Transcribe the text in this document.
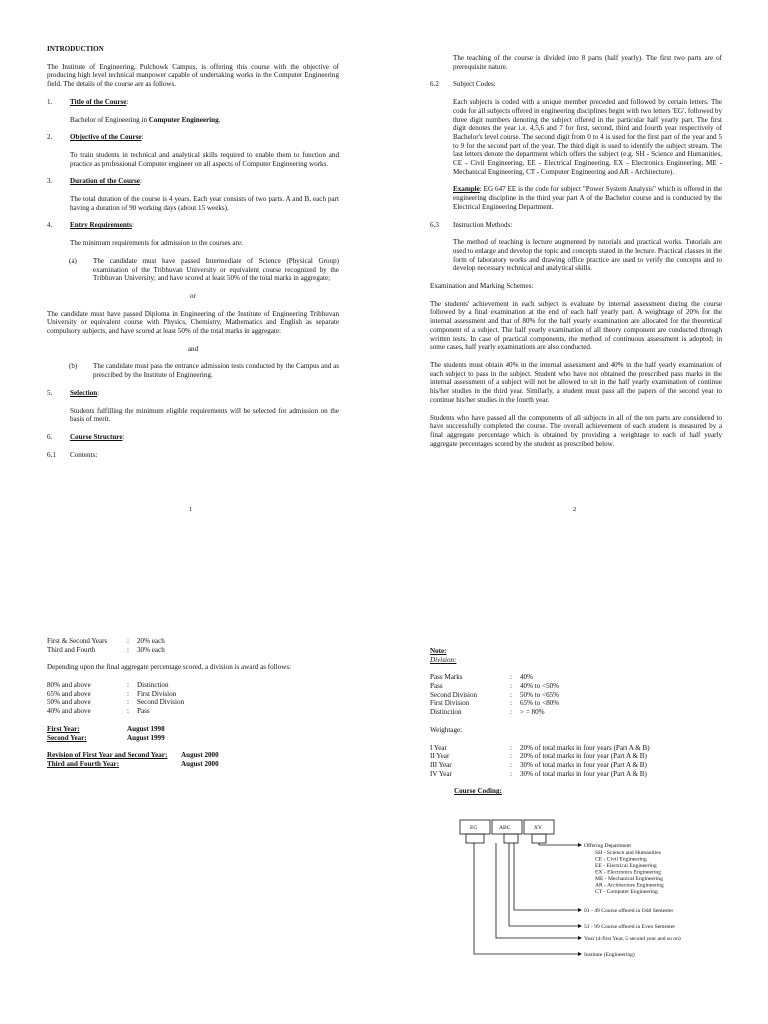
INTRODUCTION

The Institute of Engineering, Pulchowk Campus, is offering this course with the objective of producing high level technical manpower capable of undertaking works in the Computer Engineering field. The details of the course are as follows.

1. Title of the Course:

Bachelor of Engineering in Computer Engineering.

2. Objective of the Course:

To train students in technical and analytical skills required to enable them to function and practice as professional Computer engineer on all aspects of Computer Engineering works.

3. Duration of the Course:

The total duration of the course is 4 years. Each year consists of two parts. A and B, each part having a duration of 90 working days (about 15 weeks).

4. Entry Requirements:

The minimum requirements for admission to the courses are:

(a) The candidate must have passed Intermediate of Science (Physical Group) examination of the Tribhuvan University or equivalent course recognized by the Tribhuvan University; and have scored at least 50% of the total marks in aggregate;
or

The candidate must have passed Diploma in Engineering of the Institute of Engineering Tribhuvan University or equivalent course with Physics, Chemistry, Mathematics and English as separate compulsory subjects, and have scored at least 50% of the total marks in aggregate:

and
(b) The candidate must pass the entrance admission tests conducted by the Campus and as prescribed by the Institute of Engineering.
5. Selection:

Students fulfilling the minimum eligible requirements will be selected for admission on the basis of merit.

6. Course Structure:
6.1 Contents:
1

The teaching of the course is divided into 8 parts (half yearly). The first two parts are of prerequisite nature.

6.2 Subject Codes:

Each subjects is coded with a unique member preceded and followed by certain letters. The code for all subjects offered in engineering disciplines begin with two letters 'EG', followed by three digit numbers denoting the subject offered in the particular half yearly part. The first digit denotes the year i.e. 4,5,6 and 7 for first, second, third and fourth year respectively of Bachelor's level course. The second digit from 0 to 4 is used for the first part of the year and 5 to 9 for the second part of the year. The third digit is used to identify the subject stream. The last letters denote the department which offers the subject (e.g. SH - Science and Humanities, CE - Civil Engineering, EE - Electrical Engineering, EX - Electronics Engineering, ME - Mechanical Engineering, CT - Computer Engineering and AR - Architecture).

Example: EG 647 EE is the code for subject "Power System Analysis" which is offered in the engineering discipline in the third year part A of the Bachelor course and is conducted by the Electrical Engineering Department.

6.3 Instruction Methods:

The method of teaching is lecture augmented by tutorials and practical works. Tutorials are used to enlarge and develop the topic and concepts stated in the lecture. Practical classes in the form of laboratory works and drawing office practice are used to verify the concepts and to develop necessary technical and analytical skills.

Examination and Marking Schemes:

The students' achievement in each subject is evaluate by internal assessment during the course followed by a final examination at the end of each half yearly part. A weightage of 20% for the internal assessment and that of 80% for the half yearly examination are allocated for the theoretical component of a subject. The half yearly examination of all theory component are conducted through written tests. In case of practical components, the method of continuous assessment is adopted; in some cases, half yearly examinations are also conducted.

The students must obtain 40% in the internal assessment and 40% in the half yearly examination of each subject to pass in the subject. Student who have not obtained the prescribed pass marks in the internal assessment of a subject will not be allowed to sit in the half yearly examination of continue his/her studies in the third year. Similarly, a student must pass all the papers of the second year to continue his/her studies in the fourth year.

Students who have passed all the components of all subjects in all of the ten parts are considered to have successfully completed the course. The overall achievement of each student is measured by a final aggregate percentage which is obtained by providing a weightage to each of half yearly aggregate percentages scored by the student as prescribed below.

2
First & Second Years	:	20% each
Third and Fourth	:	30% each

Depending upon the final aggregate percentage scored, a division is award as follows:

80% and above	:	Distinction
65% and above	:	First Division
50% and above	:	Second Division
40% and above	:	Pass
First Year:	August 1998
Second Year:	August 1999
Revision of First Year and Second Year:	August 2000
Third and Fourth Year:	August 2000
Note:
Division:
Pass Marks	:	40%
Pass	:	40% to <50%
Second Division	:	50% to <65%
First Division	:	65% to <80%
Distinction	:	> = 80%
Weightage:
I Year	:	20% of total marks in four years (Part A & B)
II Year	:	20% of total marks in four year (Part A & B)
III Year	:	30% of total marks in four year (Part A & B)
IV Year	:	30% of total marks in four year (Part A & B)
Course Coding:
EG	ABC	XY
Offering Department
SH - Science and Humanities
CE - Civil Engineering
EE - Electrical Engineering
EX - Electronics Engineering
ME - Mechanical Engineering
AR - Architecture Engineering
CT - Computer Engineering
01 - 49 Course offered in Odd Semester
51 - 99 Course offered in Even Semester
Year (4-first Year, 5 second year and so on)
Institute (Engineering)
